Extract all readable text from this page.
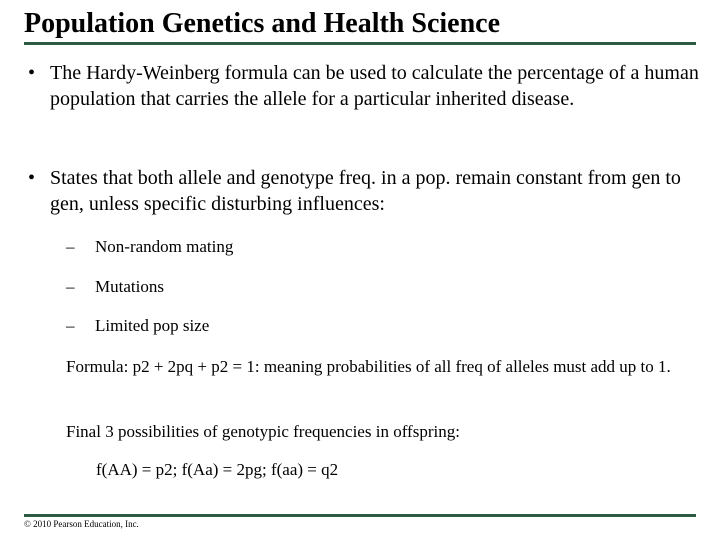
Population Genetics and Health Science
• The Hardy-Weinberg formula can be used to calculate the percentage of a human population that carries the allele for a particular inherited disease.
• States that both allele and genotype freq. in a pop. remain constant from gen to gen, unless specific disturbing influences:
– Non-random mating
– Mutations
– Limited pop size
Formula: p2 + 2pq + p2 = 1: meaning probabilities of all freq of alleles must add up to 1.
Final 3 possibilities of genotypic frequencies in offspring:
f(AA) = p2; f(Aa) = 2pg; f(aa) = q2
© 2010 Pearson Education, Inc.
